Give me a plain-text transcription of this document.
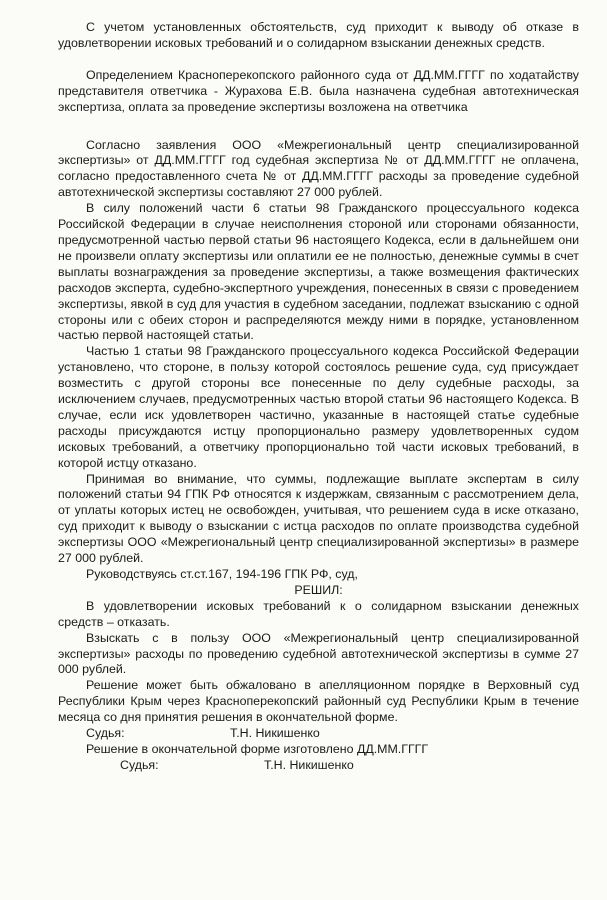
С учетом установленных обстоятельств, суд приходит к выводу об отказе в удовлетворении исковых требований и о солидарном взыскании денежных средств.

Определением Красноперекопского районного суда от ДД.ММ.ГГГГ по ходатайству представителя ответчика - Журахова Е.В. была назначена судебная автотехническая экспертиза, оплата за проведение экспертизы возложена на ответчика

Согласно заявления ООО «Межрегиональный центр специализированной экспертизы» от ДД.ММ.ГГГГ год судебная экспертиза № от ДД.ММ.ГГГГ не оплачена, согласно предоставленного счета № от ДД.ММ.ГГГГ расходы за проведение судебной автотехнической экспертизы составляют 27 000 рублей.

В силу положений части 6 статьи 98 Гражданского процессуального кодекса Российской Федерации в случае неисполнения стороной или сторонами обязанности, предусмотренной частью первой статьи 96 настоящего Кодекса, если в дальнейшем они не произвели оплату экспертизы или оплатили ее не полностью, денежные суммы в счет выплаты вознаграждения за проведение экспертизы, а также возмещения фактических расходов эксперта, судебно-экспертного учреждения, понесенных в связи с проведением экспертизы, явкой в суд для участия в судебном заседании, подлежат взысканию с одной стороны или с обеих сторон и распределяются между ними в порядке, установленном частью первой настоящей статьи.

Частью 1 статьи 98 Гражданского процессуального кодекса Российской Федерации установлено, что стороне, в пользу которой состоялось решение суда, суд присуждает возместить с другой стороны все понесенные по делу судебные расходы, за исключением случаев, предусмотренных частью второй статьи 96 настоящего Кодекса. В случае, если иск удовлетворен частично, указанные в настоящей статье судебные расходы присуждаются истцу пропорционально размеру удовлетворенных судом исковых требований, а ответчику пропорционально той части исковых требований, в которой истцу отказано.

Принимая во внимание, что суммы, подлежащие выплате экспертам в силу положений статьи 94 ГПК РФ относятся к издержкам, связанным с рассмотрением дела, от уплаты которых истец не освобожден, учитывая, что решением суда в иске отказано, суд приходит к выводу о взыскании с истца расходов по оплате производства судебной экспертизы ООО «Межрегиональный центр специализированной экспертизы» в размере 27 000 рублей.

Руководствуясь ст.ст.167, 194-196 ГПК РФ, суд,

РЕШИЛ:

В удовлетворении исковых требований к о солидарном взыскании денежных средств – отказать.

Взыскать с в пользу ООО «Межрегиональный центр специализированной экспертизы» расходы по проведению судебной автотехнической экспертизы в сумме 27 000 рублей.

Решение может быть обжаловано в апелляционном порядке в Верховный суд Республики Крым через Красноперекопский районный суд Республики Крым в течение месяца со дня принятия решения в окончательной форме.

Судья:	Т.Н. Никишенко

Решение в окончательной форме изготовлено ДД.ММ.ГГГГ

Судья:	Т.Н. Никишенко
